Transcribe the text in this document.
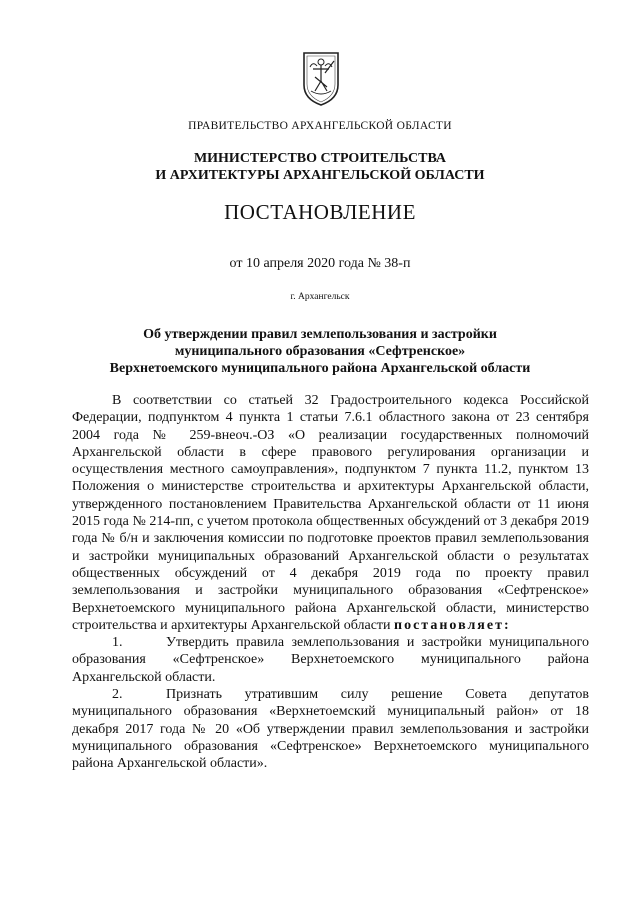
ПРАВИТЕЛЬСТВО АРХАНГЕЛЬСКОЙ ОБЛАСТИ
МИНИСТЕРСТВО СТРОИТЕЛЬСТВА
И АРХИТЕКТУРЫ АРХАНГЕЛЬСКОЙ ОБЛАСТИ
ПОСТАНОВЛЕНИЕ
от 10 апреля 2020 года № 38-п
г. Архангельск
Об утверждении правил землепользования и застройки
муниципального образования «Сефтренское»
Верхнетоемского муниципального района Архангельской области

В соответствии со статьей 32 Градостроительного кодекса Российской Федерации, подпунктом 4 пункта 1 статьи 7.6.1 областного закона от 23 сентября 2004 года № 259-внеоч.-ОЗ «О реализации государственных полномочий Архангельской области в сфере правового регулирования организации и осуществления местного самоуправления», подпунктом 7 пункта 11.2, пунктом 13 Положения о министерстве строительства и архитектуры Архангельской области, утвержденного постановлением Правительства Архангельской области от 11 июня 2015 года № 214-пп, с учетом протокола общественных обсуждений от 3 декабря 2019 года № б/н и заключения комиссии по подготовке проектов правил землепользования и застройки муниципальных образований Архангельской области о результатах общественных обсуждений от 4 декабря 2019 года по проекту правил землепользования и застройки муниципального образования «Сефтренское» Верхнетоемского муниципального района Архангельской области, министерство строительства и архитектуры Архангельской области постановляет:

1.	Утвердить правила землепользования и застройки муниципального образования «Сефтренское» Верхнетоемского муниципального района Архангельской области.

2.	Признать утратившим силу решение Совета депутатов муниципального образования «Верхнетоемский муниципальный район» от 18 декабря 2017 года № 20 «Об утверждении правил землепользования и застройки муниципального образования «Сефтренское» Верхнетоемского муниципального района Архангельской области».
